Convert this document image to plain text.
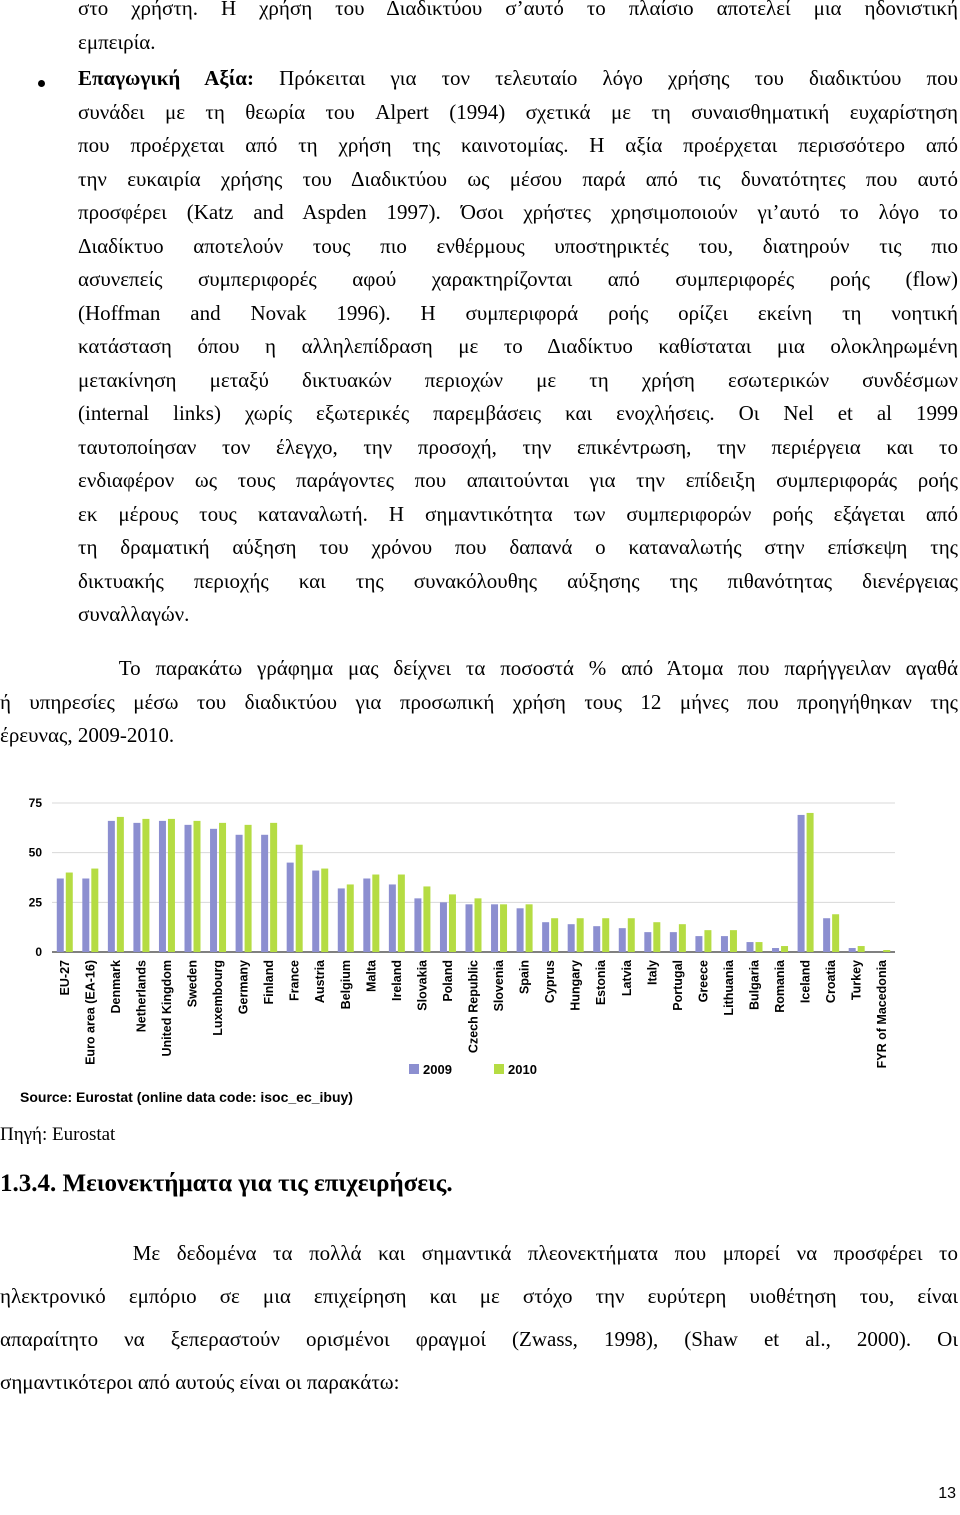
στο χρήστη. Η χρήση του Διαδικτύου σ’αυτό το πλαίσιο αποτελεί μια ηδονιστική
εμπειρία.
Επαγωγική Αξία: Πρόκειται για τον τελευταίο λόγο χρήσης του διαδικτύου που
συνάδει με τη θεωρία του Alpert (1994) σχετικά με τη συναισθηματική ευχαρίστηση
που προέρχεται από τη χρήση της καινοτομίας. Η αξία προέρχεται περισσότερο από
την ευκαιρία χρήσης του Διαδικτύου ως μέσου παρά από τις δυνατότητες που αυτό
προσφέρει (Katz and Aspden 1997). Όσοι χρήστες χρησιμοποιούν γι’αυτό το λόγο το
Διαδίκτυο αποτελούν τους πιο ενθέρμους υποστηρικτές του, διατηρούν τις πιο
ασυνεπείς συμπεριφορές αφού χαρακτηρίζονται από συμπεριφορές ροής (flow)
(Hoffman and Novak 1996). Η συμπεριφορά ροής ορίζει εκείνη τη νοητική
κατάσταση όπου η αλληλεπίδραση με το Διαδίκτυο καθίσταται μια ολοκληρωμένη
μετακίνηση μεταξύ δικτυακών περιοχών με τη χρήση εσωτερικών συνδέσμων
(internal links) χωρίς εξωτερικές παρεμβάσεις και ενοχλήσεις. Οι Nel et al 1999
ταυτοποίησαν τον έλεγχο, την προσοχή, την επικέντρωση, την περιέργεια και το
ενδιαφέρον ως τους παράγοντες που απαιτούνται για την επίδειξη συμπεριφοράς ροής
εκ μέρους τους καταναλωτή. Η σημαντικότητα των συμπεριφορών ροής εξάγεται από
τη δραματική αύξηση του χρόνου που δαπανά ο καταναλωτής στην επίσκεψη της
δικτυακής περιοχής και της συνακόλουθης αύξησης της πιθανότητας διενέργειας
συναλλαγών.
Το παρακάτω γράφημα μας δείχνει τα ποσοστά % από Άτομα που παρήγγειλαν αγαθά
ή υπηρεσίες μέσω του διαδικτύου για προσωπική χρήση τους 12 μήνες που προηγήθηκαν της
έρευνας, 2009-2010.
0
25
50
75
EU-27 Euro area (EA-16) Denmark Netherlands United Kingdom Sweden Luxembourg Germany Finland France Austria Belgium Malta Ireland Slovakia Poland Czech Republic Slovenia Spain Cyprus Hungary Estonia Latvia Italy Portugal Greece Lithuania Bulgaria Romania Iceland Croatia Turkey FYR of Macedonia
2009	2010
Source: Eurostat (online data code: isoc_ec_ibuy)
Πηγή: Eurostat
1.3.4. Μειονεκτήματα για τις επιχειρήσεις.
Με δεδομένα τα πολλά και σημαντικά πλεονεκτήματα που μπορεί να προσφέρει το
ηλεκτρονικό εμπόριο σε μια επιχείρηση και με στόχο την ευρύτερη υιοθέτηση του, είναι
απαραίτητο να ξεπεραστούν ορισμένοι φραγμοί (Zwass, 1998), (Shaw et al., 2000). Οι
σημαντικότεροι από αυτούς είναι οι παρακάτω:
13
